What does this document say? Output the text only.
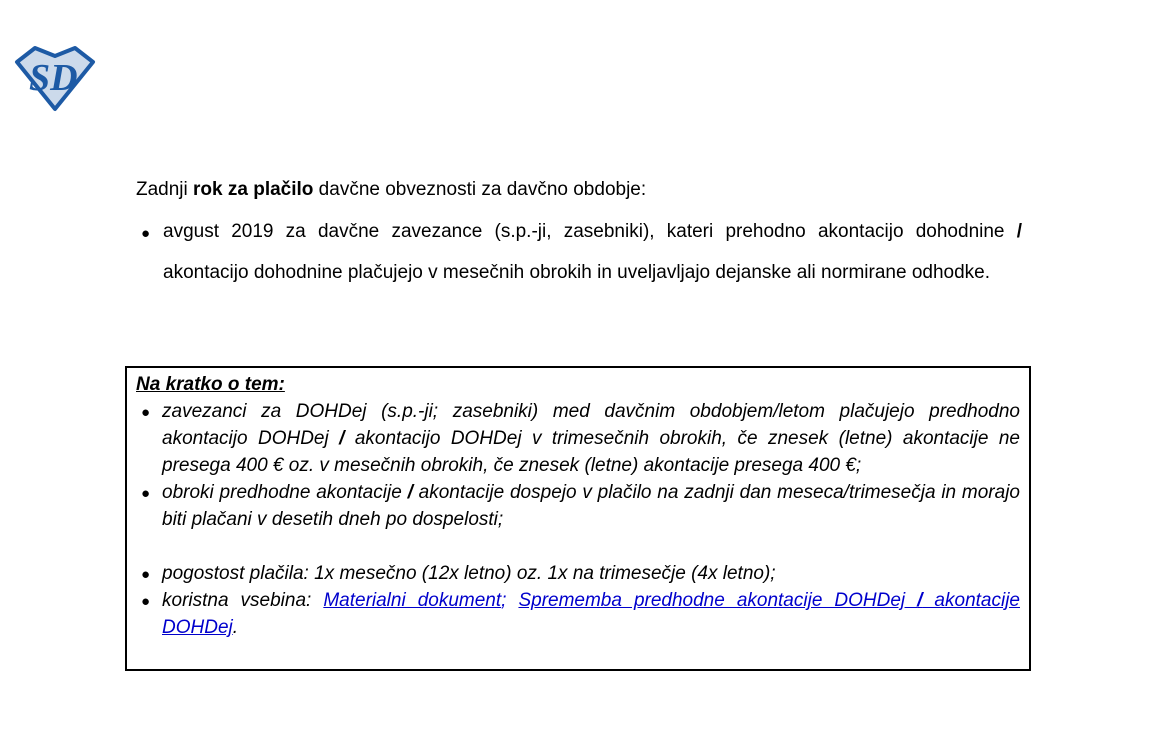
SD
Zadnji rok za plačilo davčne obveznosti za davčno obdobje:
● avgust 2019 za davčne zavezance (s.p.-ji, zasebniki), kateri prehodno akontacijo dohodnine / akontacijo dohodnine plačujejo v mesečnih obrokih in uveljavljajo dejanske ali normirane odhodke.
Na kratko o tem:
● zavezanci za DOHDej (s.p.-ji; zasebniki) med davčnim obdobjem/letom plačujejo predhodno akontacijo DOHDej / akontacijo DOHDej v trimesečnih obrokih, če znesek (letne) akontacije ne presega 400 € oz. v mesečnih obrokih, če znesek (letne) akontacije presega 400 €;
● obroki predhodne akontacije / akontacije dospejo v plačilo na zadnji dan meseca/trimesečja in morajo biti plačani v desetih dneh po dospelosti;
● pogostost plačila: 1x mesečno (12x letno) oz. 1x na trimesečje (4x letno);
● koristna vsebina: Materialni dokument; Sprememba predhodne akontacije DOHDej / akontacije DOHDej.
